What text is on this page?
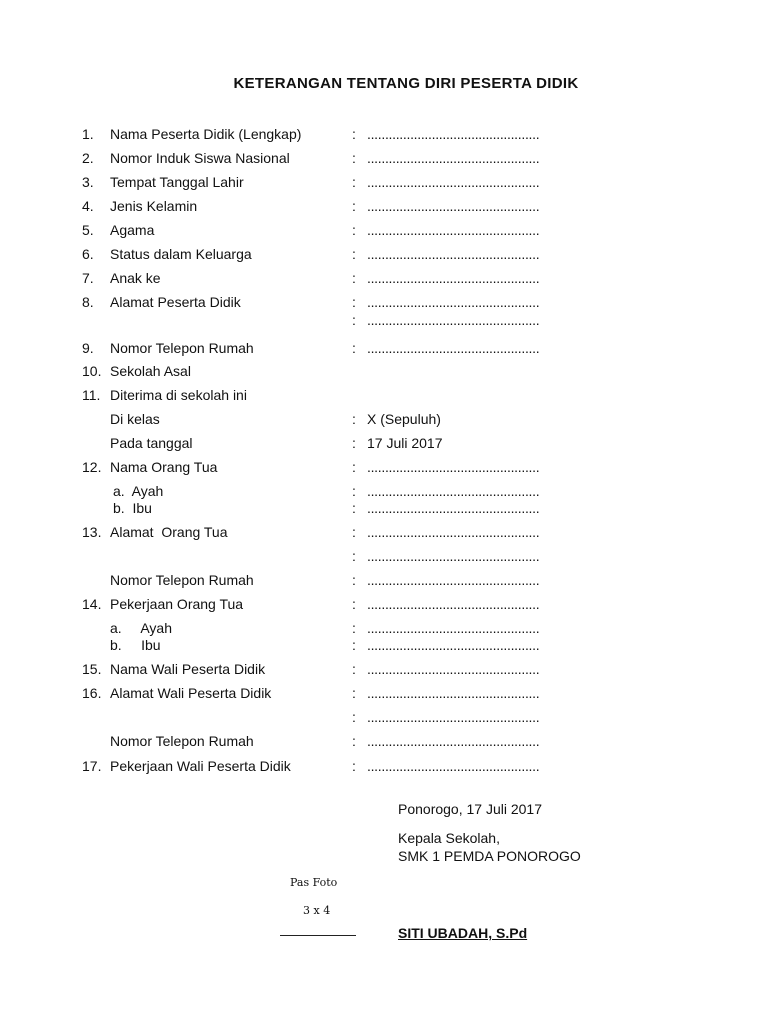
KETERANGAN TENTANG DIRI PESERTA DIDIK
1. Nama Peserta Didik (Lengkap)	: ................................................
2. Nomor Induk Siswa Nasional	: ................................................
3. Tempat Tanggal Lahir	: ................................................
4. Jenis Kelamin	: ................................................
5. Agama	: ................................................
6. Status dalam Keluarga	: ................................................
7. Anak ke	: ................................................
8. Alamat Peserta Didik	: ................................................
: ................................................
9. Nomor Telepon Rumah	: ................................................
10. Sekolah Asal
11. Diterima di sekolah ini
Di kelas	: X (Sepuluh)
Pada tanggal	: 17 Juli 2017
12. Nama Orang Tua	: ................................................
a.  Ayah	: ................................................
b.  Ibu	: ................................................
13. Alamat  Orang Tua	: ................................................
: ................................................
Nomor Telepon Rumah	: ................................................
14. Pekerjaan Orang Tua	: ................................................
a.     Ayah	: ................................................
b.     Ibu	: ................................................
15. Nama Wali Peserta Didik	: ................................................
16. Alamat Wali Peserta Didik	: ................................................
: ................................................
Nomor Telepon Rumah	: ................................................
17. Pekerjaan Wali Peserta Didik	: ................................................
Ponorogo, 17 Juli 2017
Kepala Sekolah,
SMK 1 PEMDA PONOROGO
Pas Foto
3 x 4
SITI UBADAH, S.Pd
